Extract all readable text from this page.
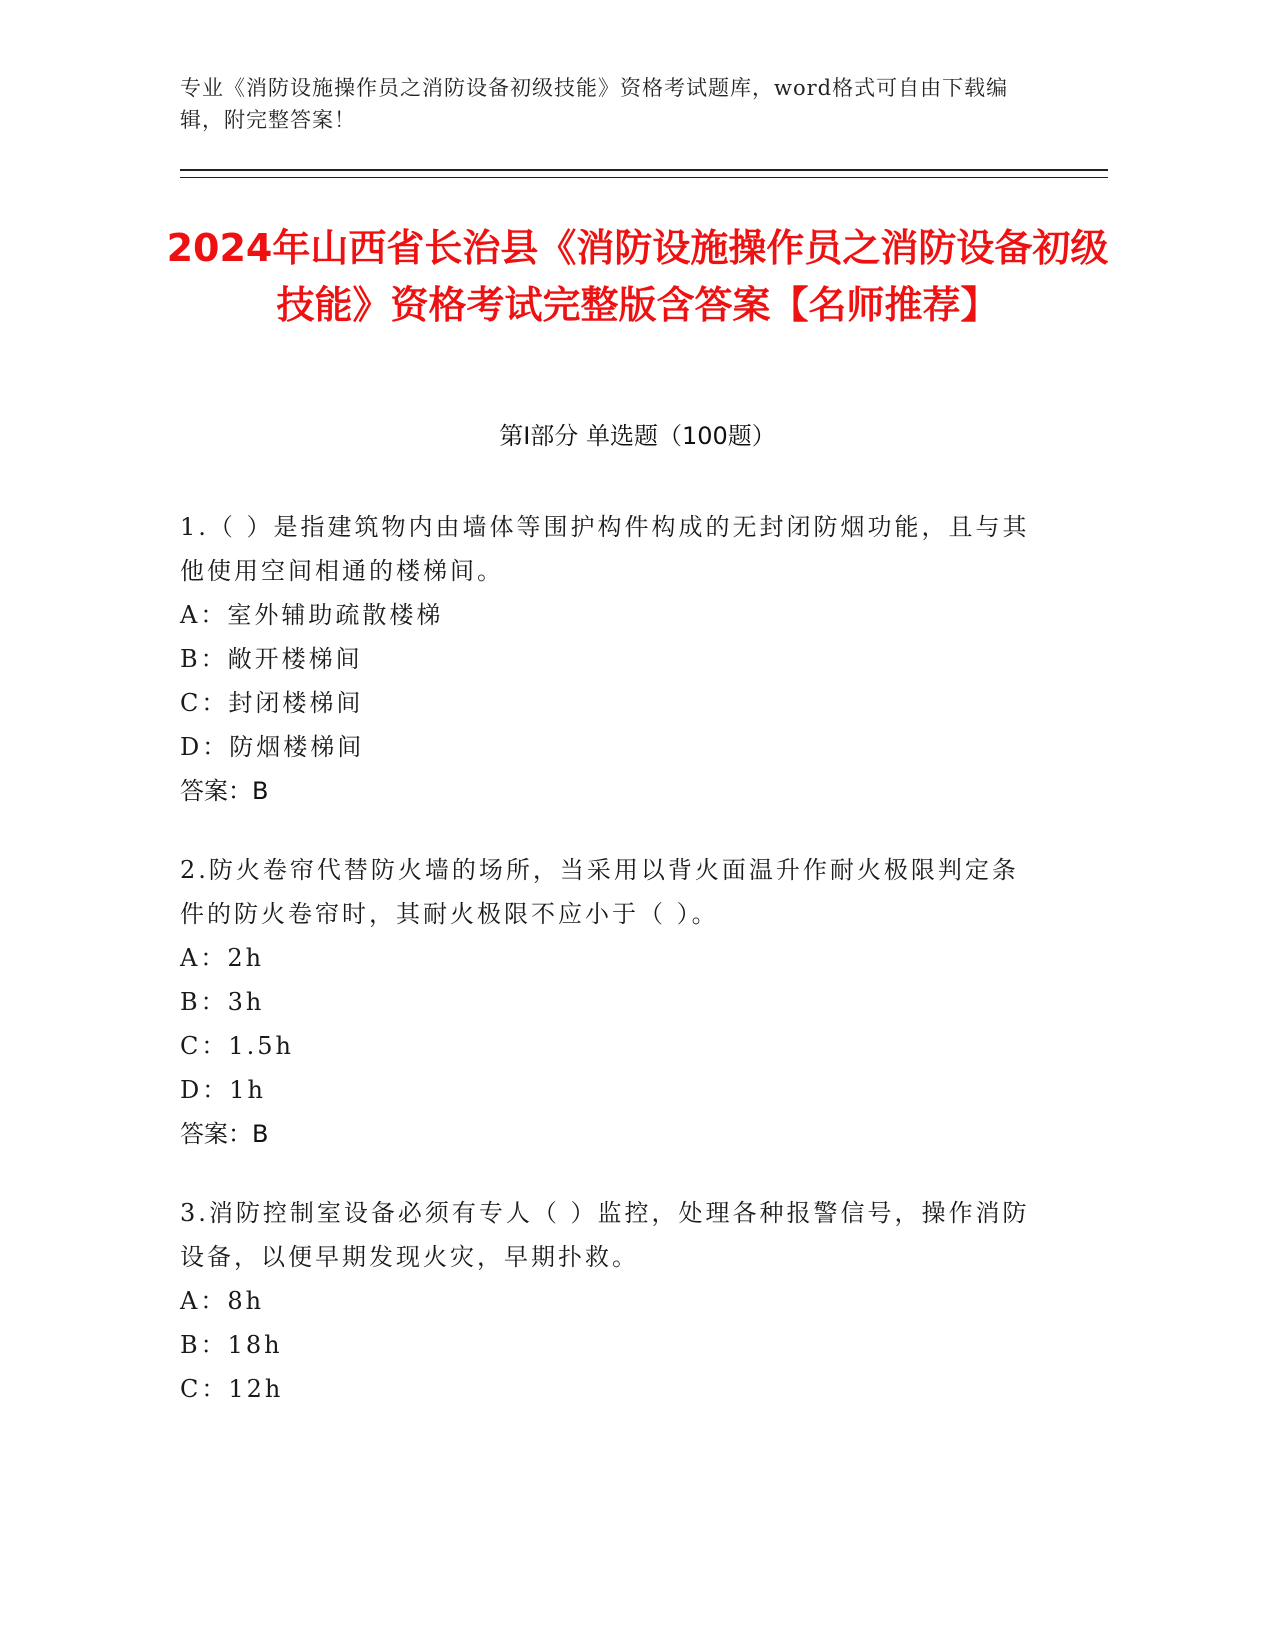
专业《消防设施操作员之消防设备初级技能》资格考试题库，word格式可自由下载编辑，附完整答案！
2024年山西省长治县《消防设施操作员之消防设备初级技能》资格考试完整版含答案【名师推荐】
第I部分 单选题（100题）
1.（ ）是指建筑物内由墙体等围护构件构成的无封闭防烟功能，且与其他使用空间相通的楼梯间。
A：室外辅助疏散楼梯
B：敞开楼梯间
C：封闭楼梯间
D：防烟楼梯间
答案：B
2.防火卷帘代替防火墙的场所，当采用以背火面温升作耐火极限判定条件的防火卷帘时，其耐火极限不应小于（ ）。
A：2h
B：3h
C：1.5h
D：1h
答案：B
3.消防控制室设备必须有专人（ ）监控，处理各种报警信号，操作消防设备，以便早期发现火灾，早期扑救。
A：8h
B：18h
C：12h
